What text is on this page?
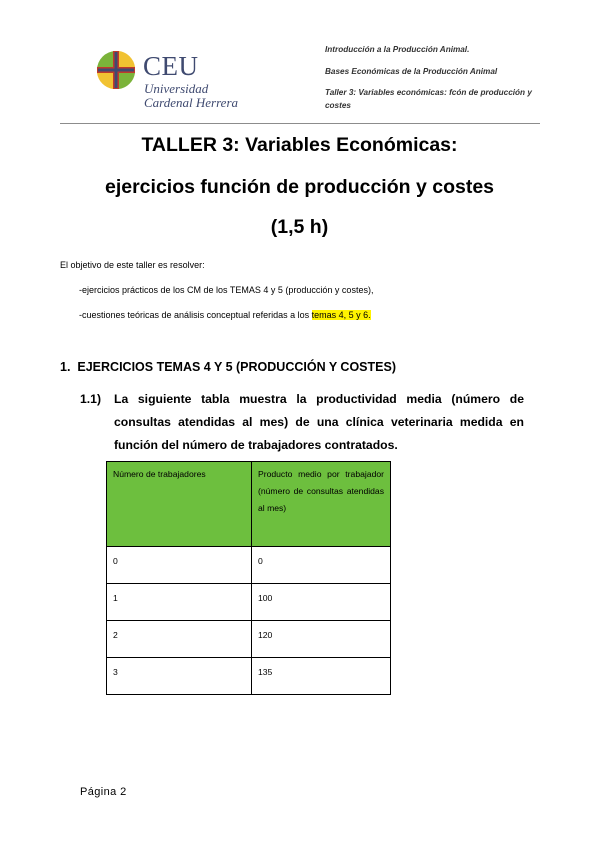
CEU
Universidad
Cardenal Herrera
Introducción a la Producción Animal.
Bases Económicas de la Producción Animal
Taller 3: Variables económicas: fcón de producción y costes
TALLER 3: Variables Económicas:
ejercicios función de producción y costes
(1,5 h)
El objetivo de este taller es resolver:
-ejercicios prácticos de los CM de los TEMAS 4 y 5 (producción y costes),
-cuestiones teóricas de análisis conceptual referidas a los temas 4, 5 y 6.
1. EJERCICIOS TEMAS 4 Y 5 (PRODUCCIÓN Y COSTES)
1.1) La siguiente tabla muestra la productividad media (número de consultas atendidas al mes) de una clínica veterinaria medida en función del número de trabajadores contratados.
Número de trabajadores	Producto medio por trabajador (número de consultas atendidas al mes)
0	0
1	100
2	120
3	135
Página 2
